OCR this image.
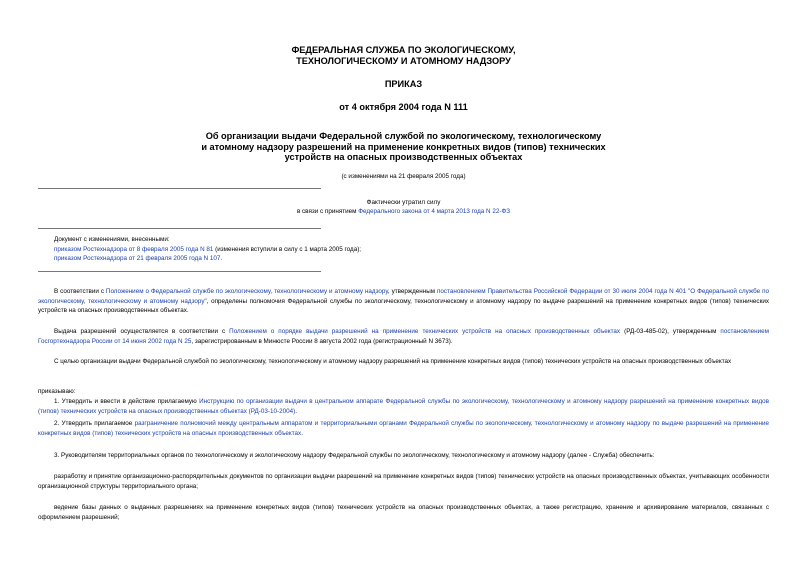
ФЕДЕРАЛЬНАЯ СЛУЖБА ПО ЭКОЛОГИЧЕСКОМУ,
ТЕХНОЛОГИЧЕСКОМУ И АТОМНОМУ НАДЗОРУ
ПРИКАЗ
от 4 октября 2004 года N 111
Об организации выдачи Федеральной службой по экологическому, технологическому
и атомному надзору разрешений на применение конкретных видов (типов) технических
устройств на опасных производственных объектах
(с изменениями на 21 февраля 2005 года)
Фактически утратил силу
в связи с принятием Федерального закона от 4 марта 2013 года N 22-ФЗ
Документ с изменениями, внесенными:
приказом Ростехнадзора от 8 февраля 2005 года N 81 (изменения вступили в силу с 1 марта 2005 года);
приказом Ростехнадзора от 21 февраля 2005 года N 107.
В соответствии с Положением о Федеральной службе по экологическому, технологическому и атомному надзору, утвержденным постановлением Правительства Российской Федерации от 30 июля 2004 года N 401 "О Федеральной службе по экологическому, технологическому и атомному надзору", определены полномочия Федеральной службы по экологическому, технологическому и атомному надзору по выдаче разрешений на применение конкретных видов (типов) технических устройств на опасных производственных объектах.
Выдача разрешений осуществляется в соответствии с Положением о порядке выдачи разрешений на применение технических устройств на опасных производственных объектах (РД-03-485-02), утвержденным постановлением Госгортехнадзора России от 14 июня 2002 года N 25, зарегистрированным в Минюсте России 8 августа 2002 года (регистрационный N 3673).
С целью организации выдачи Федеральной службой по экологическому, технологическому и атомному надзору разрешений на применение конкретных видов (типов) технических устройств на опасных производственных объектах
приказываю:
1. Утвердить и ввести в действие прилагаемую Инструкцию по организации выдачи в центральном аппарате Федеральной службы по экологическому, технологическому и атомному надзору разрешений на применение конкретных видов (типов) технических устройств на опасных производственных объектах (РД-03-10-2004).
2. Утвердить прилагаемое разграничение полномочий между центральным аппаратом и территориальными органами Федеральной службы по экологическому, технологическому и атомному надзору по выдаче разрешений на применение конкретных видов (типов) технических устройств на опасных производственных объектах.
3. Руководителям территориальных органов по технологическому и экологическому надзору Федеральной службы по экологическому, технологическому и атомному надзору (далее - Служба) обеспечить:
разработку и принятие организационно-распорядительных документов по организации выдачи разрешений на применение конкретных видов (типов) технических устройств на опасных производственных объектах, учитывающих особенности организационной структуры территориального органа;
ведение базы данных о выданных разрешениях на применение конкретных видов (типов) технических устройств на опасных производственных объектах, а также регистрацию, хранение и архивирование материалов, связанных с оформлением разрешений;
